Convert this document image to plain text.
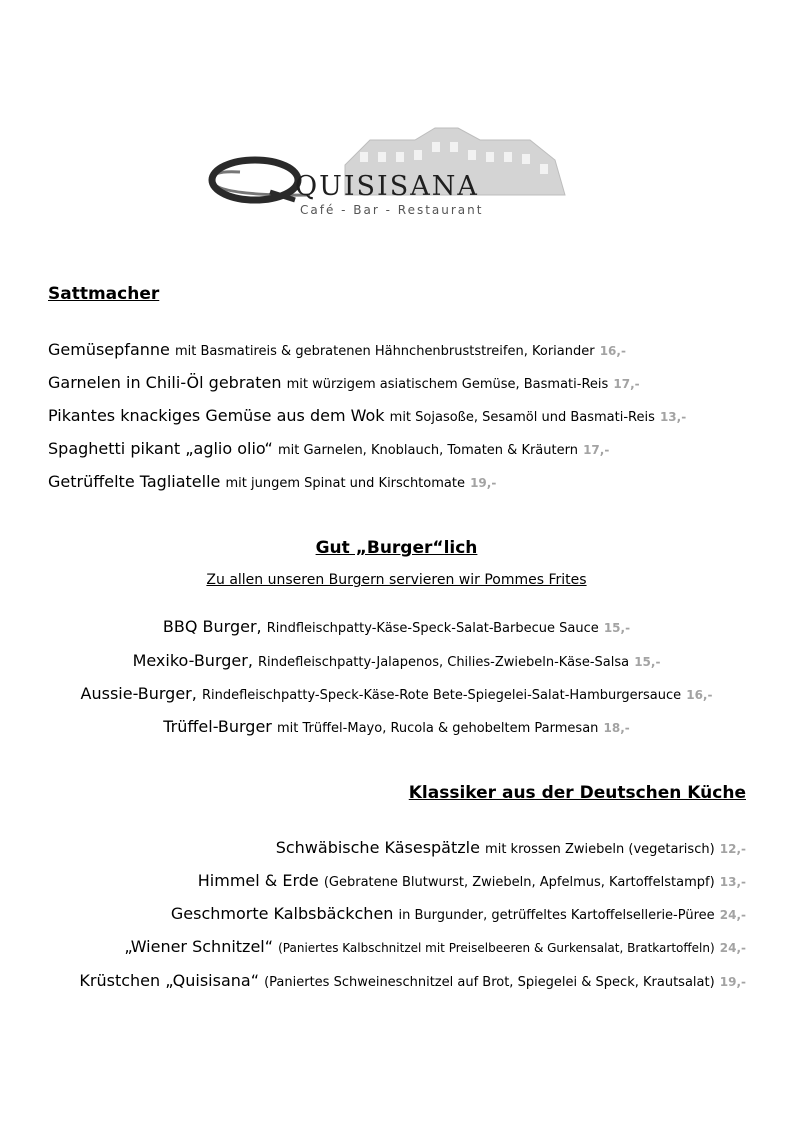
QUISISANA
Café - Bar - Restaurant
Sattmacher
Gemüsepfanne mit Basmatireis & gebratenen Hähnchenbruststreifen, Koriander 16,-
Garnelen in Chili-Öl gebraten mit würzigem asiatischem Gemüse, Basmati-Reis 17,-
Pikantes knackiges Gemüse aus dem Wok mit Sojasoße, Sesamöl und Basmati-Reis 13,-
Spaghetti pikant „aglio olio“ mit Garnelen, Knoblauch, Tomaten & Kräutern 17,-
Getrüffelte Tagliatelle mit jungem Spinat und Kirschtomate 19,-
Gut „Burger“lich
Zu allen unseren Burgern servieren wir Pommes Frites
BBQ Burger, Rindfleischpatty-Käse-Speck-Salat-Barbecue Sauce 15,-
Mexiko-Burger, Rindefleischpatty-Jalapenos, Chilies-Zwiebeln-Käse-Salsa 15,-
Aussie-Burger, Rindefleischpatty-Speck-Käse-Rote Bete-Spiegelei-Salat-Hamburgersauce 16,-
Trüffel-Burger mit Trüffel-Mayo, Rucola & gehobeltem Parmesan 18,-
Klassiker aus der Deutschen Küche
Schwäbische Käsespätzle mit krossen Zwiebeln (vegetarisch) 12,-
Himmel & Erde (Gebratene Blutwurst, Zwiebeln, Apfelmus, Kartoffelstampf) 13,-
Geschmorte Kalbsbäckchen in Burgunder, getrüffeltes Kartoffelsellerie-Püree 24,-
„Wiener Schnitzel“ (Paniertes Kalbschnitzel mit Preiselbeeren & Gurkensalat, Bratkartoffeln) 24,-
Krüstchen „Quisisana“ (Paniertes Schweineschnitzel auf Brot, Spiegelei & Speck, Krautsalat) 19,-
